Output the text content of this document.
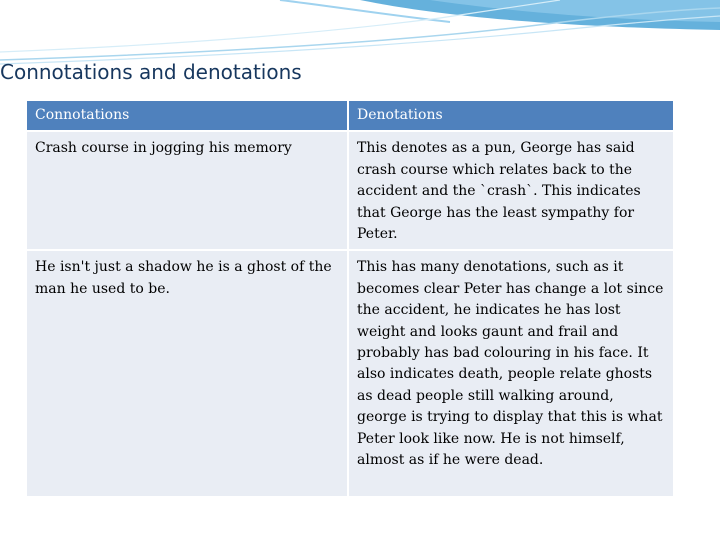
Connotations and denotations
Connotations	Denotations
Crash course in jogging his memory	This denotes as a pun, George has said crash course which relates back to the accident and the `crash`. This indicates that George has the least sympathy for Peter.
He isn't just a shadow he is a ghost of the man he used to be.	This has many denotations, such as it becomes clear Peter has change a lot since the accident, he indicates he has lost weight and looks gaunt and frail and probably has bad colouring in his face. It also indicates death, people relate ghosts as dead people still walking around, george is trying to display that this is what Peter look like now. He is not himself, almost as if he were dead.
